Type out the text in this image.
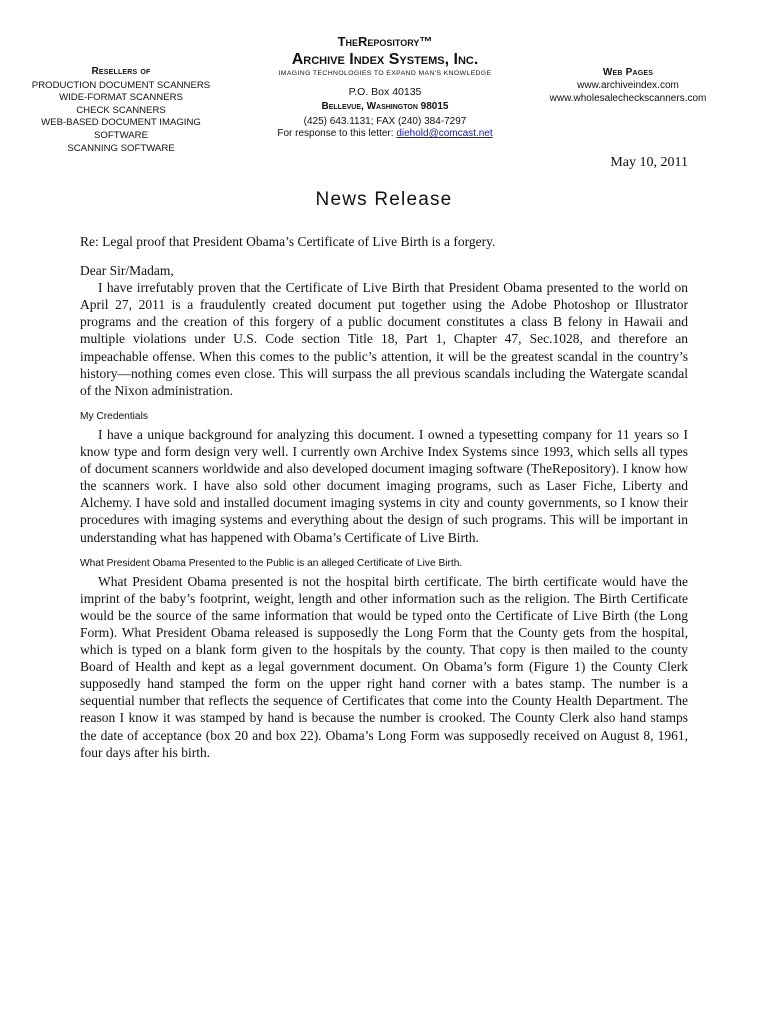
Resellers of
PRODUCTION DOCUMENT SCANNERS
WIDE-FORMAT SCANNERS
CHECK SCANNERS
WEB-BASED DOCUMENT IMAGING SOFTWARE
SCANNING SOFTWARE
TheRepository™
Archive Index Systems, Inc.
IMAGING TECHNOLOGIES TO EXPAND MAN'S KNOWLEDGE
P.O. Box 40135
Bellevue, Washington 98015
(425) 643.1131; FAX (240) 384-7297
For response to this letter: diehold@comcast.net
Web Pages
www.archiveindex.com
www.wholesalecheckscanners.com
May 10, 2011
News Release

Re: Legal proof that President Obama’s Certificate of Live Birth is a forgery.

Dear Sir/Madam,

I have irrefutably proven that the Certificate of Live Birth that President Obama presented to the world on April 27, 2011 is a fraudulently created document put together using the Adobe Photoshop or Illustrator programs and the creation of this forgery of a public document constitutes a class B felony in Hawaii and multiple violations under U.S. Code section Title 18, Part 1, Chapter 47, Sec.1028, and therefore an impeachable offense. When this comes to the public’s attention, it will be the greatest scandal in the country’s history—nothing comes even close. This will surpass the all previous scandals including the Watergate scandal of the Nixon administration.

My Credentials

I have a unique background for analyzing this document. I owned a typesetting company for 11 years so I know type and form design very well. I currently own Archive Index Systems since 1993, which sells all types of document scanners worldwide and also developed document imaging software (TheRepository). I know how the scanners work. I have also sold other document imaging programs, such as Laser Fiche, Liberty and Alchemy. I have sold and installed document imaging systems in city and county governments, so I know their procedures with imaging systems and everything about the design of such programs. This will be important in understanding what has happened with Obama’s Certificate of Live Birth.

What President Obama Presented to the Public is an alleged Certificate of Live Birth.

What President Obama presented is not the hospital birth certificate. The birth certificate would have the imprint of the baby’s footprint, weight, length and other information such as the religion. The Birth Certificate would be the source of the same information that would be typed onto the Certificate of Live Birth (the Long Form). What President Obama released is supposedly the Long Form that the County gets from the hospital, which is typed on a blank form given to the hospitals by the county. That copy is then mailed to the county Board of Health and kept as a legal government document. On Obama’s form (Figure 1) the County Clerk supposedly hand stamped the form on the upper right hand corner with a bates stamp. The number is a sequential number that reflects the sequence of Certificates that come into the County Health Department. The reason I know it was stamped by hand is because the number is crooked. The County Clerk also hand stamps the date of acceptance (box 20 and box 22). Obama’s Long Form was supposedly received on August 8, 1961, four days after his birth.
